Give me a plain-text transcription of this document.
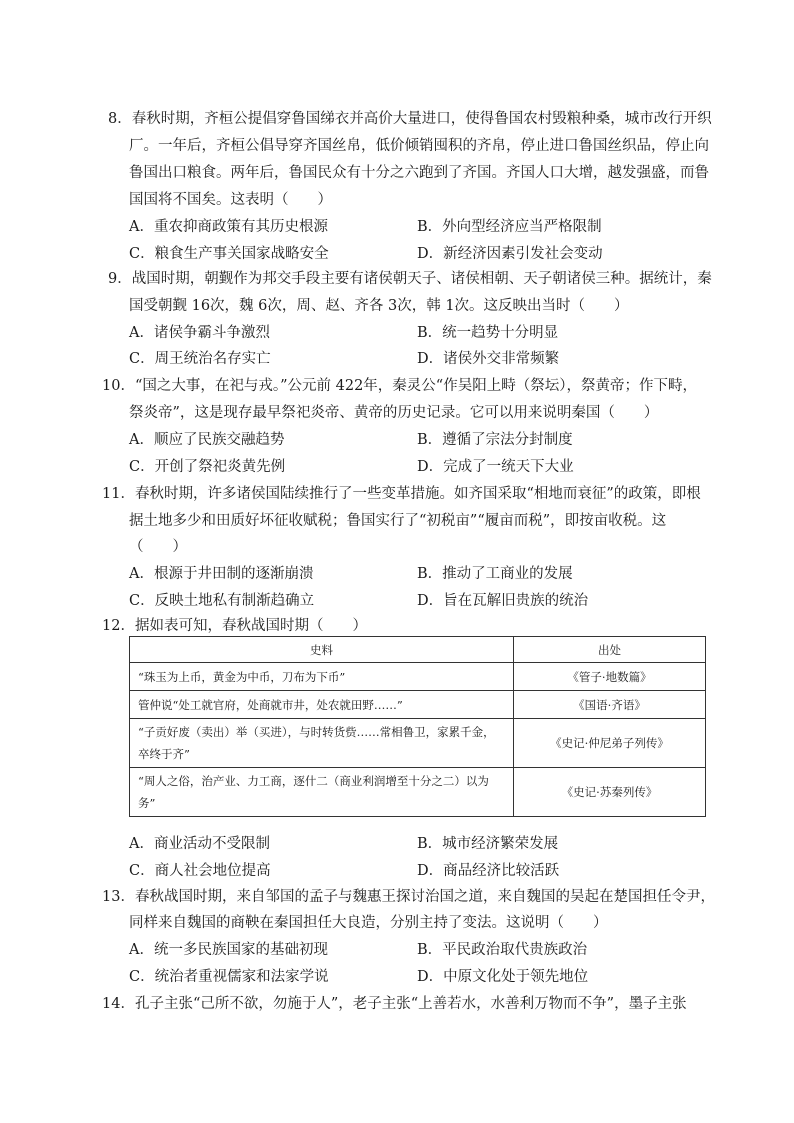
8．春秋时期，齐桓公提倡穿鲁国绨衣并高价大量进口，使得鲁国农村毁粮种桑，城市改行开织
厂。一年后，齐桓公倡导穿齐国丝帛，低价倾销囤积的齐帛，停止进口鲁国丝织品，停止向
鲁国出口粮食。两年后，鲁国民众有十分之六跑到了齐国。齐国人口大增，越发强盛，而鲁
国国将不国矣。这表明（　　）
A．重农抑商政策有其历史根源	B．外向型经济应当严格限制
C．粮食生产事关国家战略安全	D．新经济因素引发社会变动
9．战国时期，朝觐作为邦交手段主要有诸侯朝天子、诸侯相朝、天子朝诸侯三种。据统计，秦
国受朝觐 16次，魏 6次，周、赵、齐各 3次，韩 1次。这反映出当时（　　）
A．诸侯争霸斗争激烈	B．统一趋势十分明显
C．周王统治名存实亡	D．诸侯外交非常频繁
10．“国之大事，在祀与戎。”公元前 422年，秦灵公“作吴阳上畤（祭坛），祭黄帝；作下畤，
祭炎帝”，这是现存最早祭祀炎帝、黄帝的历史记录。它可以用来说明秦国（　　）
A．顺应了民族交融趋势	B．遵循了宗法分封制度
C．开创了祭祀炎黄先例	D．完成了一统天下大业
11．春秋时期，许多诸侯国陆续推行了一些变革措施。如齐国采取“相地而衰征”的政策，即根
据土地多少和田质好坏征收赋税；鲁国实行了“初税亩”“履亩而税”，即按亩收税。这
（　　）
A．根源于井田制的逐渐崩溃	B．推动了工商业的发展
C．反映土地私有制渐趋确立	D．旨在瓦解旧贵族的统治
12．据如表可知，春秋战国时期（　　）
史料	出处
“珠玉为上币，黄金为中币，刀布为下币”	《管子·地数篇》
管仲说“处工就官府，处商就市井，处农就田野……”	《国语·齐语》
“子贡好废（卖出）举（买进），与时转货赀……常相鲁卫，家累千金，卒终于齐”	《史记·仲尼弟子列传》
“周人之俗，治产业、力工商，逐什二（商业利润增至十分之二）以为务”	《史记·苏秦列传》
A．商业活动不受限制	B．城市经济繁荣发展
C．商人社会地位提高	D．商品经济比较活跃
13．春秋战国时期，来自邹国的孟子与魏惠王探讨治国之道，来自魏国的吴起在楚国担任令尹，
同样来自魏国的商鞅在秦国担任大良造，分别主持了变法。这说明（　　）
A．统一多民族国家的基础初现	B．平民政治取代贵族政治
C．统治者重视儒家和法家学说	D．中原文化处于领先地位
14．孔子主张“己所不欲，勿施于人”，老子主张“上善若水，水善利万物而不争”，墨子主张
